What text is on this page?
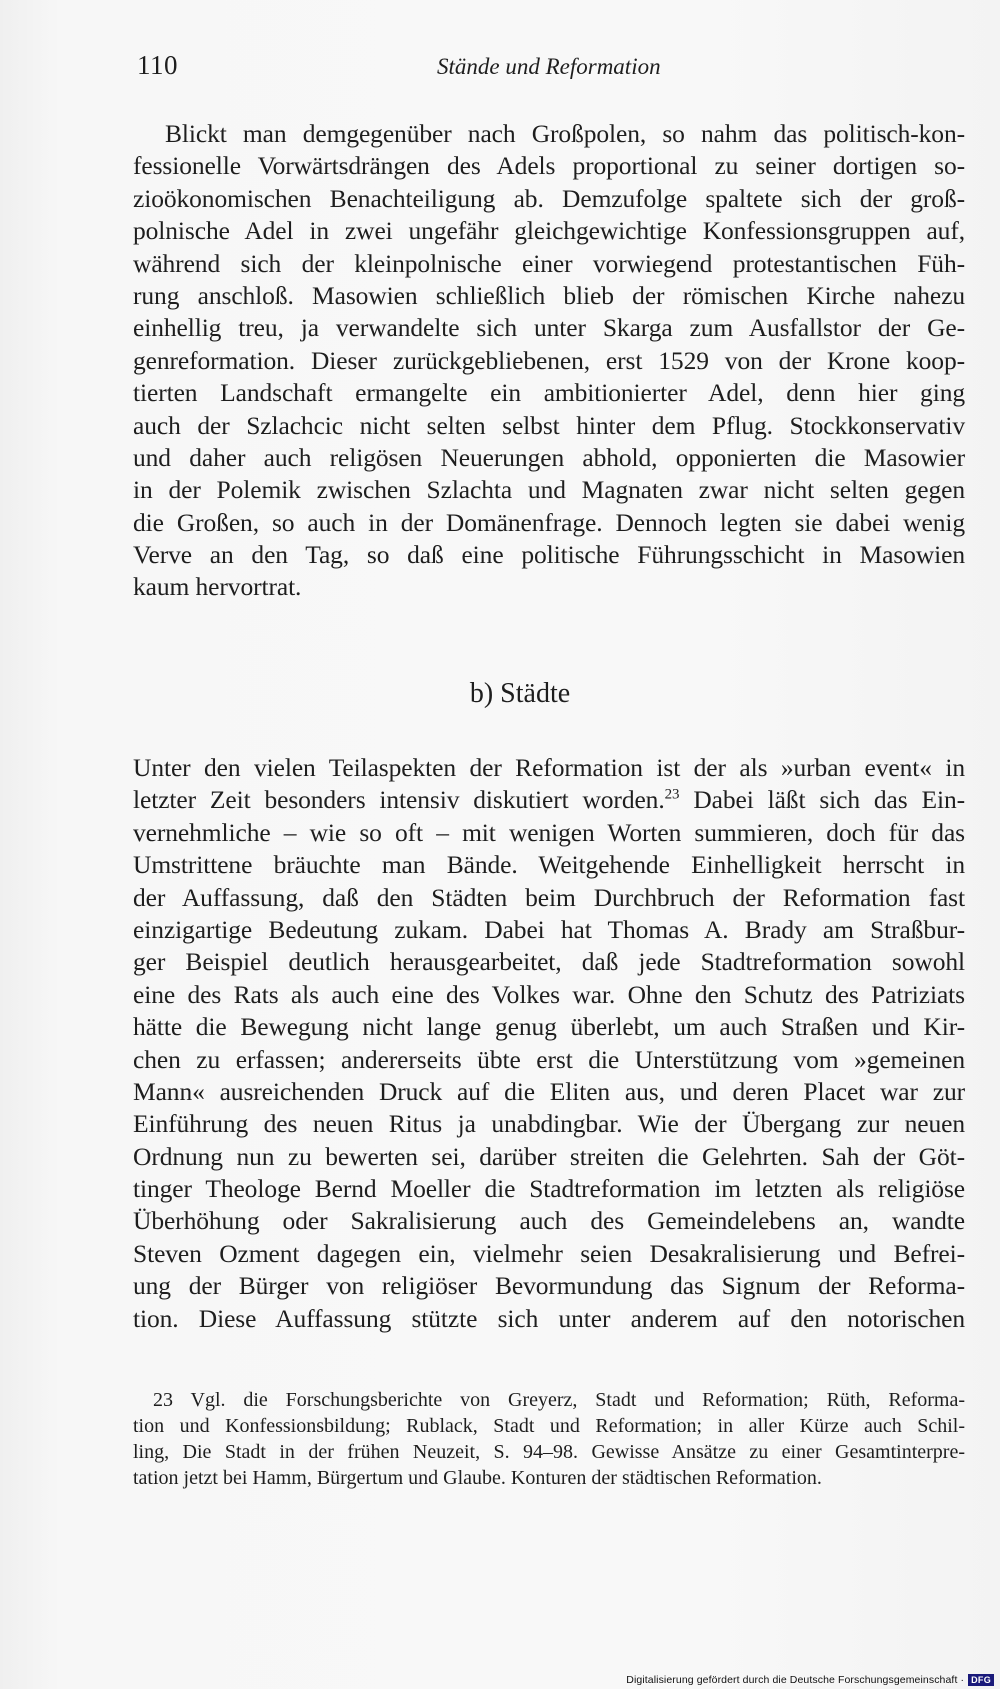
110	Stände und Reformation
Blickt man demgegenüber nach Großpolen, so nahm das politisch-kon-
fessionelle Vorwärtsdrängen des Adels proportional zu seiner dortigen so-
zioökonomischen Benachteiligung ab. Demzufolge spaltete sich der groß-
polnische Adel in zwei ungefähr gleichgewichtige Konfessionsgruppen auf,
während sich der kleinpolnische einer vorwiegend protestantischen Füh-
rung anschloß. Masowien schließlich blieb der römischen Kirche nahezu
einhellig treu, ja verwandelte sich unter Skarga zum Ausfallstor der Ge-
genreformation. Dieser zurückgebliebenen, erst 1529 von der Krone koop-
tierten Landschaft ermangelte ein ambitionierter Adel, denn hier ging
auch der Szlachcic nicht selten selbst hinter dem Pflug. Stockkonservativ
und daher auch religösen Neuerungen abhold, opponierten die Masowier
in der Polemik zwischen Szlachta und Magnaten zwar nicht selten gegen
die Großen, so auch in der Domänenfrage. Dennoch legten sie dabei wenig
Verve an den Tag, so daß eine politische Führungsschicht in Masowien
kaum hervortrat.
b) Städte
Unter den vielen Teilaspekten der Reformation ist der als »urban event« in
letzter Zeit besonders intensiv diskutiert worden.$^{23}$ Dabei läßt sich das Ein-
vernehmliche – wie so oft – mit wenigen Worten summieren, doch für das
Umstrittene bräuchte man Bände. Weitgehende Einhelligkeit herrscht in
der Auffassung, daß den Städten beim Durchbruch der Reformation fast
einzigartige Bedeutung zukam. Dabei hat Thomas A. Brady am Straßbur-
ger Beispiel deutlich herausgearbeitet, daß jede Stadtreformation sowohl
eine des Rats als auch eine des Volkes war. Ohne den Schutz des Patriziats
hätte die Bewegung nicht lange genug überlebt, um auch Straßen und Kir-
chen zu erfassen; andererseits übte erst die Unterstützung vom »gemeinen
Mann« ausreichenden Druck auf die Eliten aus, und deren Placet war zur
Einführung des neuen Ritus ja unabdingbar. Wie der Übergang zur neuen
Ordnung nun zu bewerten sei, darüber streiten die Gelehrten. Sah der Göt-
tinger Theologe Bernd Moeller die Stadtreformation im letzten als religiöse
Überhöhung oder Sakralisierung auch des Gemeindelebens an, wandte
Steven Ozment dagegen ein, vielmehr seien Desakralisierung und Befrei-
ung der Bürger von religiöser Bevormundung das Signum der Reforma-
tion. Diese Auffassung stützte sich unter anderem auf den notorischen
23 Vgl. die Forschungsberichte von Greyerz, Stadt und Reformation; Rüth, Reforma-
tion und Konfessionsbildung; Rublack, Stadt und Reformation; in aller Kürze auch Schil-
ling, Die Stadt in der frühen Neuzeit, S. 94–98. Gewisse Ansätze zu einer Gesamtinterpre-
tation jetzt bei Hamm, Bürgertum und Glaube. Konturen der städtischen Reformation.
Digitalisierung gefördert durch die Deutsche Forschungsgemeinschaft · DFG
